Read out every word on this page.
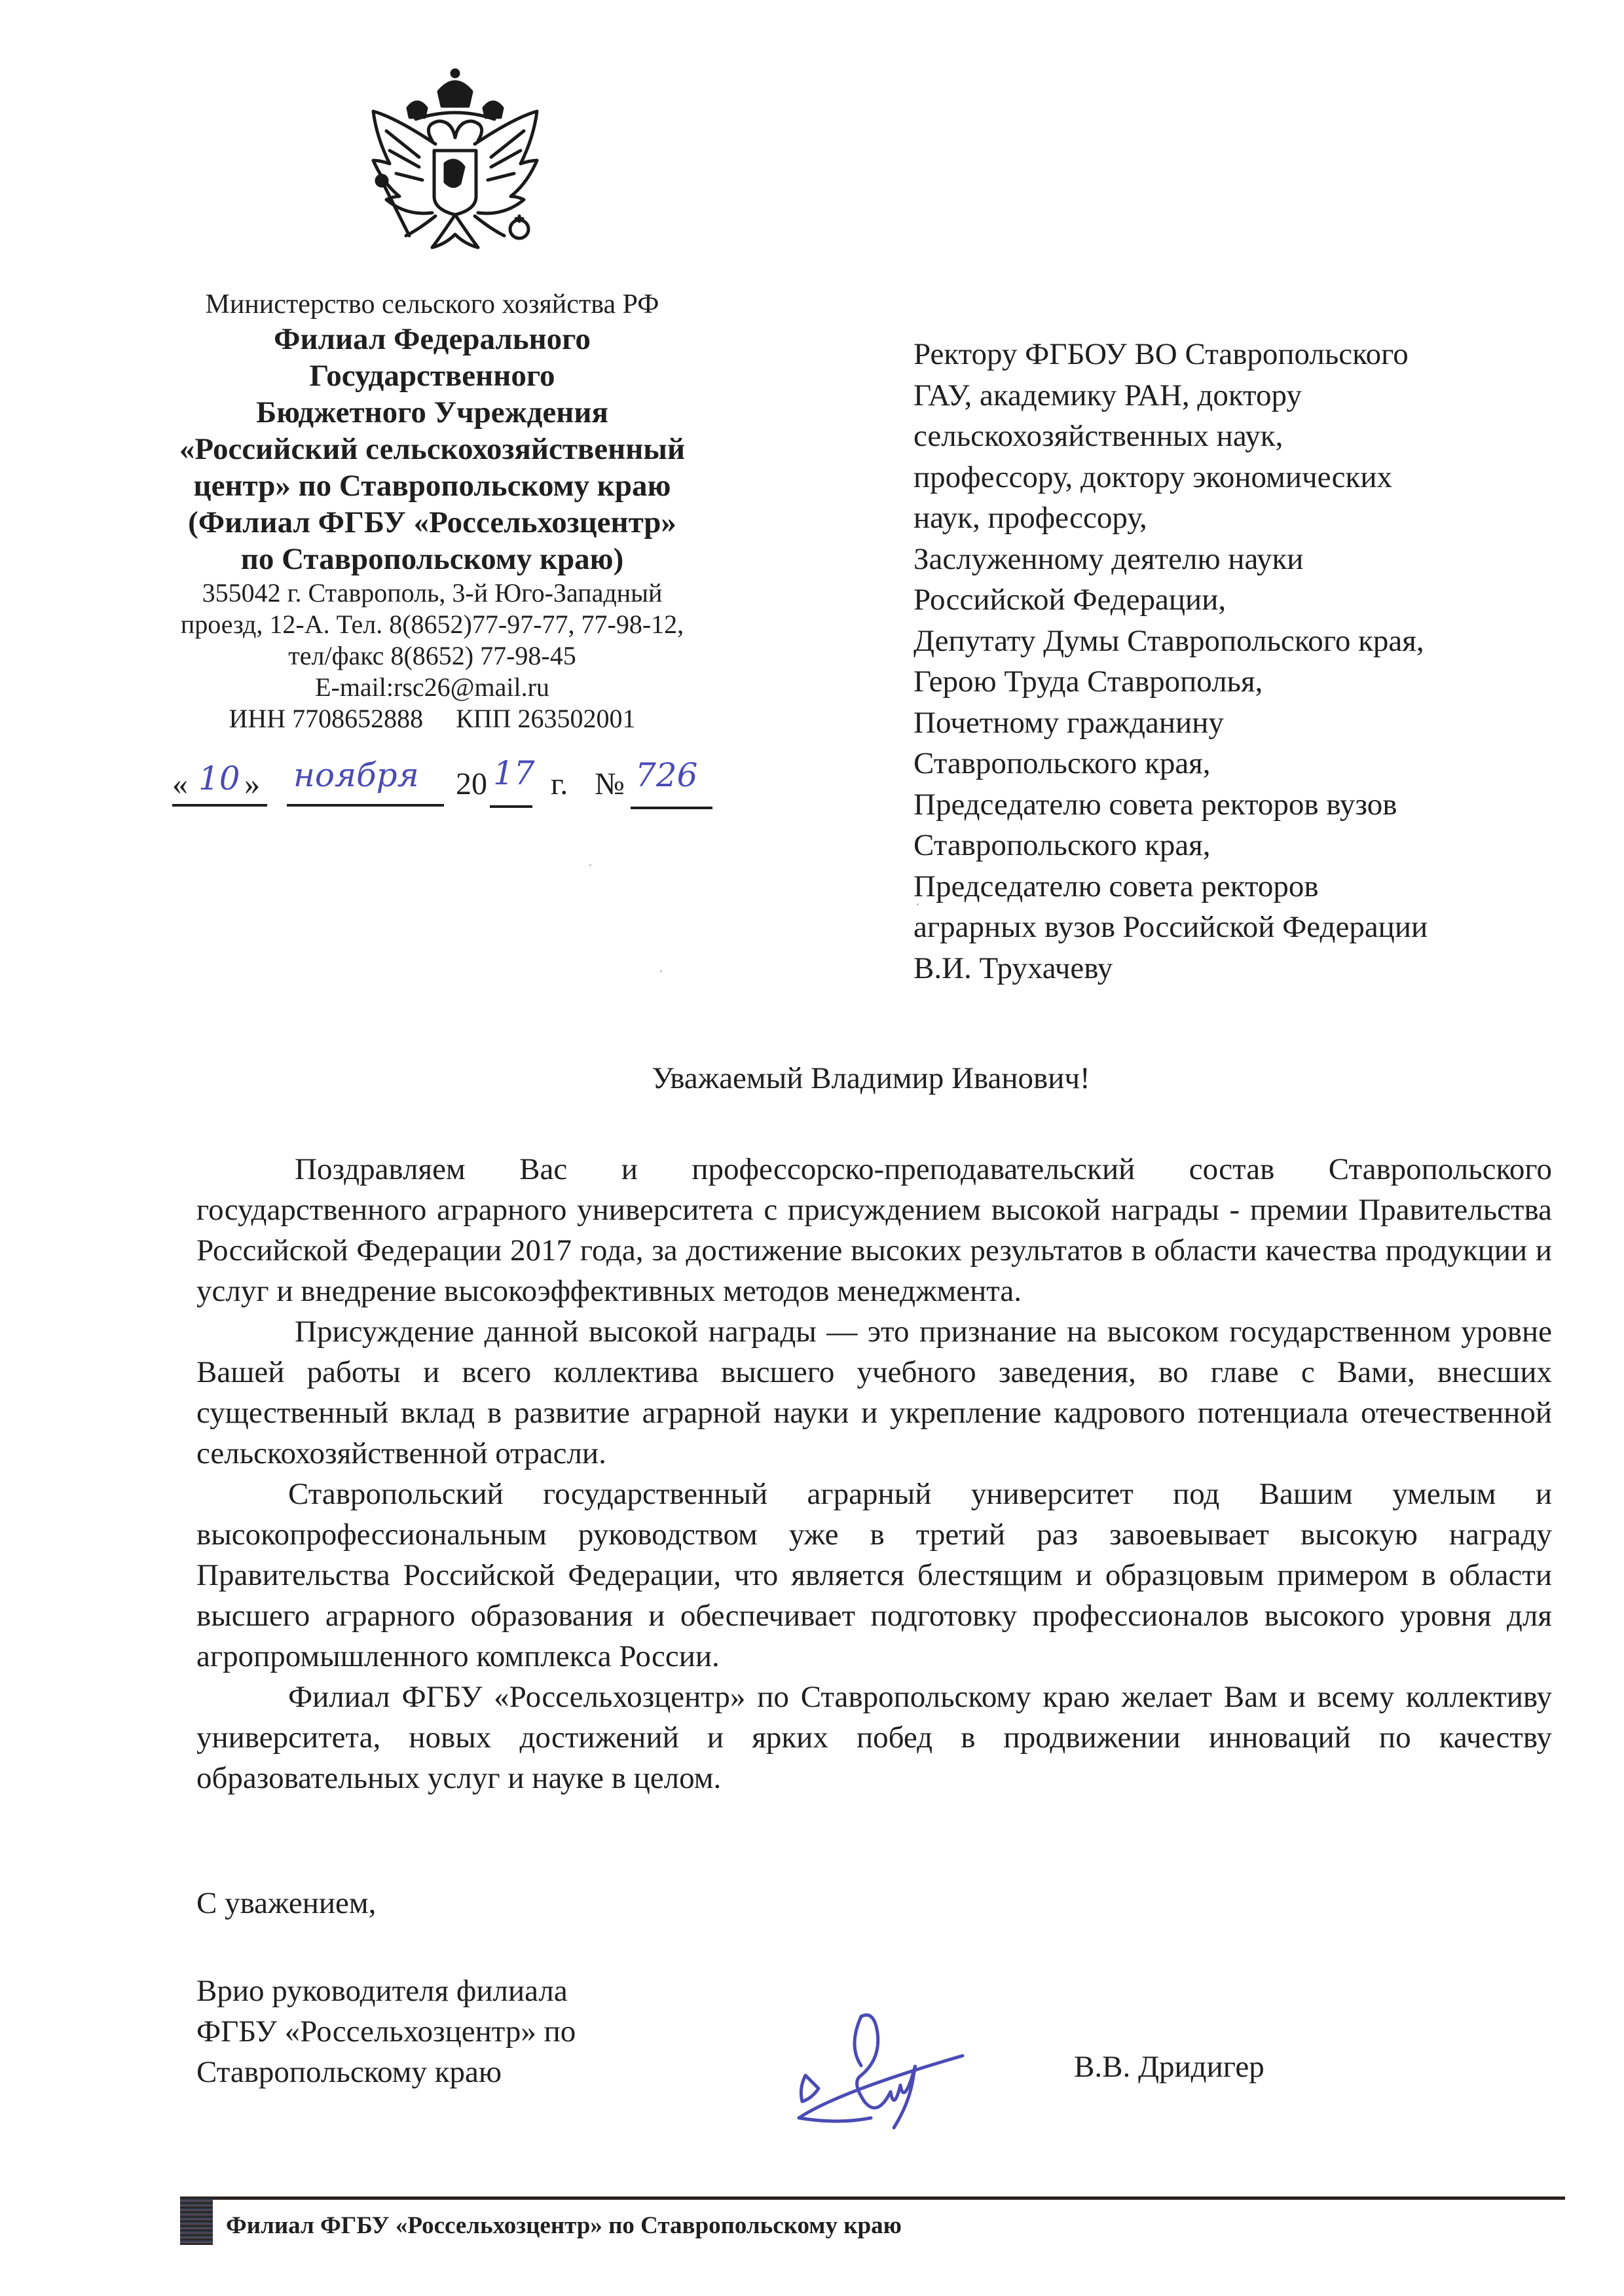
Министерство сельского хозяйства РФ
Филиал Федерального
Государственного
Бюджетного Учреждения
«Российский сельскохозяйственный
центр» по Ставропольскому краю
(Филиал ФГБУ «Россельхозцентр»
по Ставропольскому краю)
355042 г. Ставрополь, 3-й Юго-Западный
проезд, 12-А. Тел. 8(8652)77-97-77, 77-98-12,
тел/факс 8(8652) 77-98-45
E-mail:rsc26@mail.ru
ИНН 7708652888     КПП 263502001
« 10 » ноября 20 17 г. № 726
Ректору ФГБОУ ВО Ставропольского
ГАУ, академику РАН, доктору
сельскохозяйственных наук,
профессору, доктору экономических
наук, профессору,
Заслуженному деятелю науки
Российской Федерации,
Депутату Думы Ставропольского края,
Герою Труда Ставрополья,
Почетному гражданину
Ставропольского края,
Председателю совета ректоров вузов
Ставропольского края,
Председателю совета ректоров
аграрных вузов Российской Федерации
В.И. Трухачеву
Уважаемый Владимир Иванович!

Поздравляем Вас и профессорско-преподавательский состав Ставропольского государственного аграрного университета с присуждением высокой награды - премии Правительства Российской Федерации 2017 года, за достижение высоких результатов в области качества продукции и услуг и внедрение высокоэффективных методов менеджмента.

Присуждение данной высокой награды — это признание на высоком государственном уровне Вашей работы и всего коллектива высшего учебного заведения, во главе с Вами, внесших существенный вклад в развитие аграрной науки и укрепление кадрового потенциала отечественной сельскохозяйственной отрасли.

Ставропольский государственный аграрный университет под Вашим умелым и высокопрофессиональным руководством уже в третий раз завоевывает высокую награду Правительства Российской Федерации, что является блестящим и образцовым примером в области высшего аграрного образования и обеспечивает подготовку профессионалов высокого уровня для агропромышленного комплекса России.

Филиал ФГБУ «Россельхозцентр» по Ставропольскому краю желает Вам и всему коллективу университета, новых достижений и ярких побед в продвижении инноваций по качеству образовательных услуг и науке в целом.

С уважением,
Врио руководителя филиала
ФГБУ «Россельхозцентр» по
Ставропольскому краю	В.В. Дридигер
Филиал ФГБУ «Россельхозцентр» по Ставропольскому краю
